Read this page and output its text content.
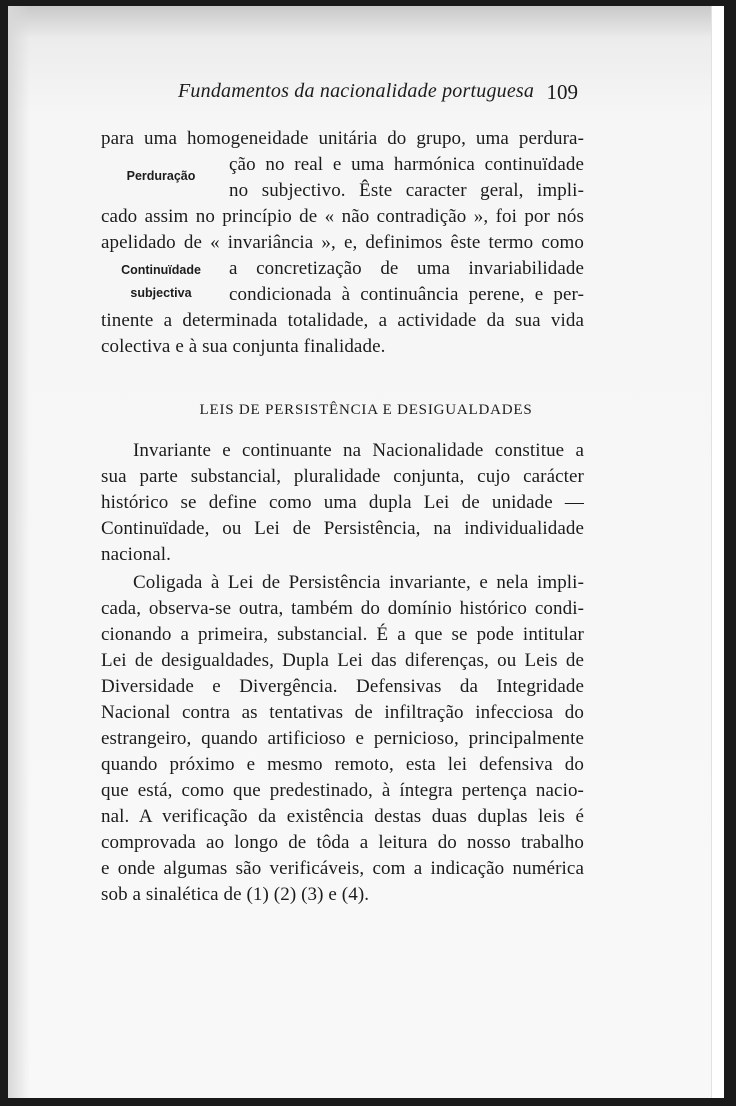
Fundamentos da nacionalidade portuguesa 109
para uma homogeneidade unitária do grupo, uma perdura-
ção no real e uma harmónica continuïdade
no subjectivo. Êste caracter geral, impli-
cado assim no princípio de « não contradição », foi por nós
apelidado de « invariância », e, definimos êste termo como
a concretização de uma invariabilidade
condicionada à continuância perene, e per-
tinente a determinada totalidade, a actividade da sua vida
colectiva e à sua conjunta finalidade.
Perduração
Continuïdade
subjectiva
LEIS DE PERSISTÊNCIA E DESIGUALDADES
Invariante e continuante na Nacionalidade constitue a
sua parte substancial, pluralidade conjunta, cujo carácter
histórico se define como uma dupla Lei de unidade —
Continuïdade, ou Lei de Persistência, na individualidade
nacional.
Coligada à Lei de Persistência invariante, e nela impli-
cada, observa-se outra, também do domínio histórico condi-
cionando a primeira, substancial. É a que se pode intitular
Lei de desigualdades, Dupla Lei das diferenças, ou Leis de
Diversidade e Divergência. Defensivas da Integridade
Nacional contra as tentativas de infiltração infecciosa do
estrangeiro, quando artificioso e pernicioso, principalmente
quando próximo e mesmo remoto, esta lei defensiva do
que está, como que predestinado, à íntegra pertença nacio-
nal. A verificação da existência destas duas duplas leis é
comprovada ao longo de tôda a leitura do nosso trabalho
e onde algumas são verificáveis, com a indicação numérica
sob a sinalética de (1) (2) (3) e (4).
